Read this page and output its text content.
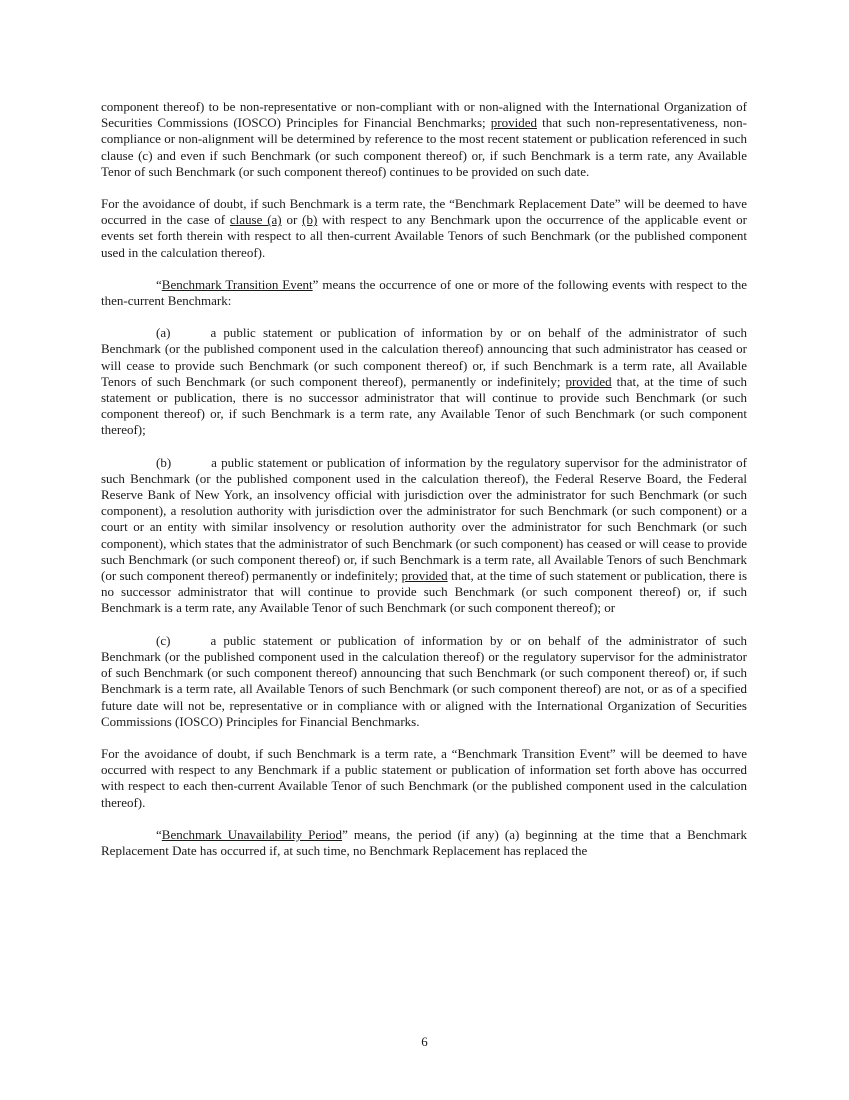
component thereof) to be non-representative or non-compliant with or non-aligned with the International Organization of Securities Commissions (IOSCO) Principles for Financial Benchmarks; provided that such non-representativeness, non-compliance or non-alignment will be determined by reference to the most recent statement or publication referenced in such clause (c) and even if such Benchmark (or such component thereof) or, if such Benchmark is a term rate, any Available Tenor of such Benchmark (or such component thereof) continues to be provided on such date.

For the avoidance of doubt, if such Benchmark is a term rate, the “Benchmark Replacement Date” will be deemed to have occurred in the case of clause (a) or (b) with respect to any Benchmark upon the occurrence of the applicable event or events set forth therein with respect to all then-current Available Tenors of such Benchmark (or the published component used in the calculation thereof).

“Benchmark Transition Event” means the occurrence of one or more of the following events with respect to the then-current Benchmark:

(a)	a public statement or publication of information by or on behalf of the administrator of such Benchmark (or the published component used in the calculation thereof) announcing that such administrator has ceased or will cease to provide such Benchmark (or such component thereof) or, if such Benchmark is a term rate, all Available Tenors of such Benchmark (or such component thereof), permanently or indefinitely; provided that, at the time of such statement or publication, there is no successor administrator that will continue to provide such Benchmark (or such component thereof) or, if such Benchmark is a term rate, any Available Tenor of such Benchmark (or such component thereof);

(b)	a public statement or publication of information by the regulatory supervisor for the administrator of such Benchmark (or the published component used in the calculation thereof), the Federal Reserve Board, the Federal Reserve Bank of New York, an insolvency official with jurisdiction over the administrator for such Benchmark (or such component), a resolution authority with jurisdiction over the administrator for such Benchmark (or such component) or a court or an entity with similar insolvency or resolution authority over the administrator for such Benchmark (or such component), which states that the administrator of such Benchmark (or such component) has ceased or will cease to provide such Benchmark (or such component thereof) or, if such Benchmark is a term rate, all Available Tenors of such Benchmark (or such component thereof) permanently or indefinitely; provided that, at the time of such statement or publication, there is no successor administrator that will continue to provide such Benchmark (or such component thereof) or, if such Benchmark is a term rate, any Available Tenor of such Benchmark (or such component thereof); or

(c)	a public statement or publication of information by or on behalf of the administrator of such Benchmark (or the published component used in the calculation thereof) or the regulatory supervisor for the administrator of such Benchmark (or such component thereof) announcing that such Benchmark (or such component thereof) or, if such Benchmark is a term rate, all Available Tenors of such Benchmark (or such component thereof) are not, or as of a specified future date will not be, representative or in compliance with or aligned with the International Organization of Securities Commissions (IOSCO) Principles for Financial Benchmarks.

For the avoidance of doubt, if such Benchmark is a term rate, a “Benchmark Transition Event” will be deemed to have occurred with respect to any Benchmark if a public statement or publication of information set forth above has occurred with respect to each then-current Available Tenor of such Benchmark (or the published component used in the calculation thereof).

“Benchmark Unavailability Period” means, the period (if any) (a) beginning at the time that a Benchmark Replacement Date has occurred if, at such time, no Benchmark Replacement has replaced the

6
